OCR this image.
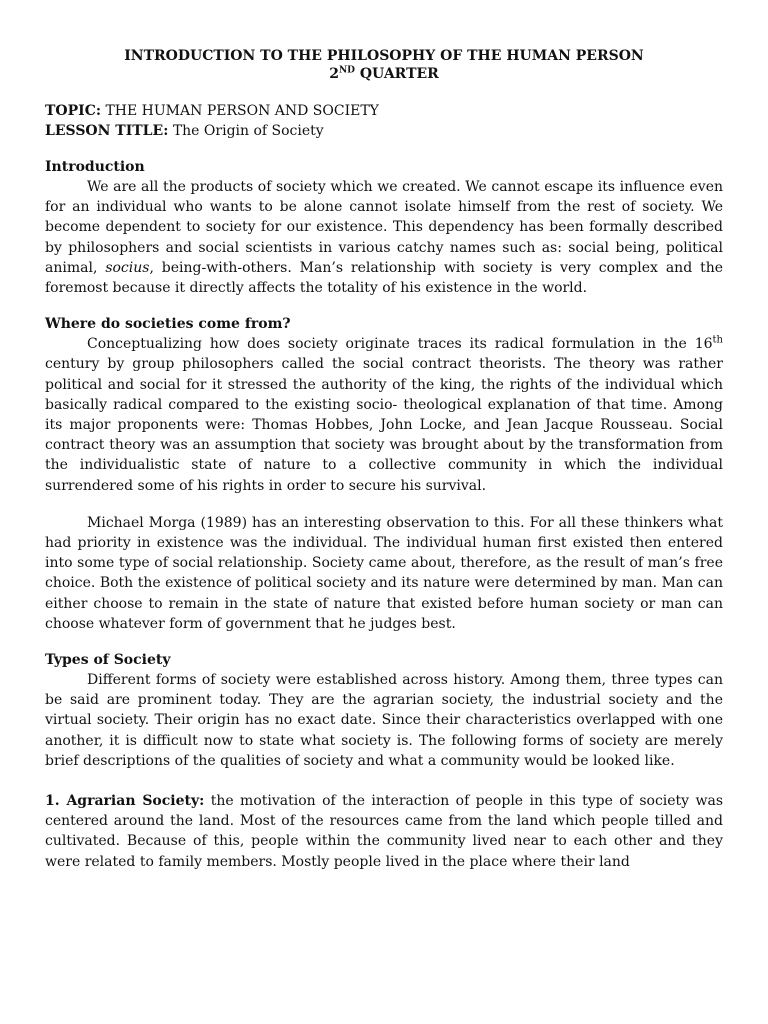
INTRODUCTION TO THE PHILOSOPHY OF THE HUMAN PERSON

2ND QUARTER

TOPIC: THE HUMAN PERSON AND SOCIETY

LESSON TITLE: The Origin of Society

Introduction

We are all the products of society which we created. We cannot escape its influence even for an individual who wants to be alone cannot isolate himself from the rest of society. We become dependent to society for our existence. This dependency has been formally described by philosophers and social scientists in various catchy names such as: social being, political animal, socius, being-with-others. Man’s relationship with society is very complex and the foremost because it directly affects the totality of his existence in the world.

Where do societies come from?

Conceptualizing how does society originate traces its radical formulation in the 16th century by group philosophers called the social contract theorists. The theory was rather political and social for it stressed the authority of the king, the rights of the individual which basically radical compared to the existing socio- theological explanation of that time. Among its major proponents were: Thomas Hobbes, John Locke, and Jean Jacque Rousseau. Social contract theory was an assumption that society was brought about by the transformation from the individualistic state of nature to a collective community in which the individual surrendered some of his rights in order to secure his survival.

Michael Morga (1989) has an interesting observation to this. For all these thinkers what had priority in existence was the individual. The individual human first existed then entered into some type of social relationship. Society came about, therefore, as the result of man’s free choice. Both the existence of political society and its nature were determined by man. Man can either choose to remain in the state of nature that existed before human society or man can choose whatever form of government that he judges best.

Types of Society

Different forms of society were established across history. Among them, three types can be said are prominent today. They are the agrarian society, the industrial society and the virtual society. Their origin has no exact date. Since their characteristics overlapped with one another, it is difficult now to state what society is. The following forms of society are merely brief descriptions of the qualities of society and what a community would be looked like.

1. Agrarian Society: the motivation of the interaction of people in this type of society was centered around the land. Most of the resources came from the land which people tilled and cultivated. Because of this, people within the community lived near to each other and they were related to family members. Mostly people lived in the place where their land
